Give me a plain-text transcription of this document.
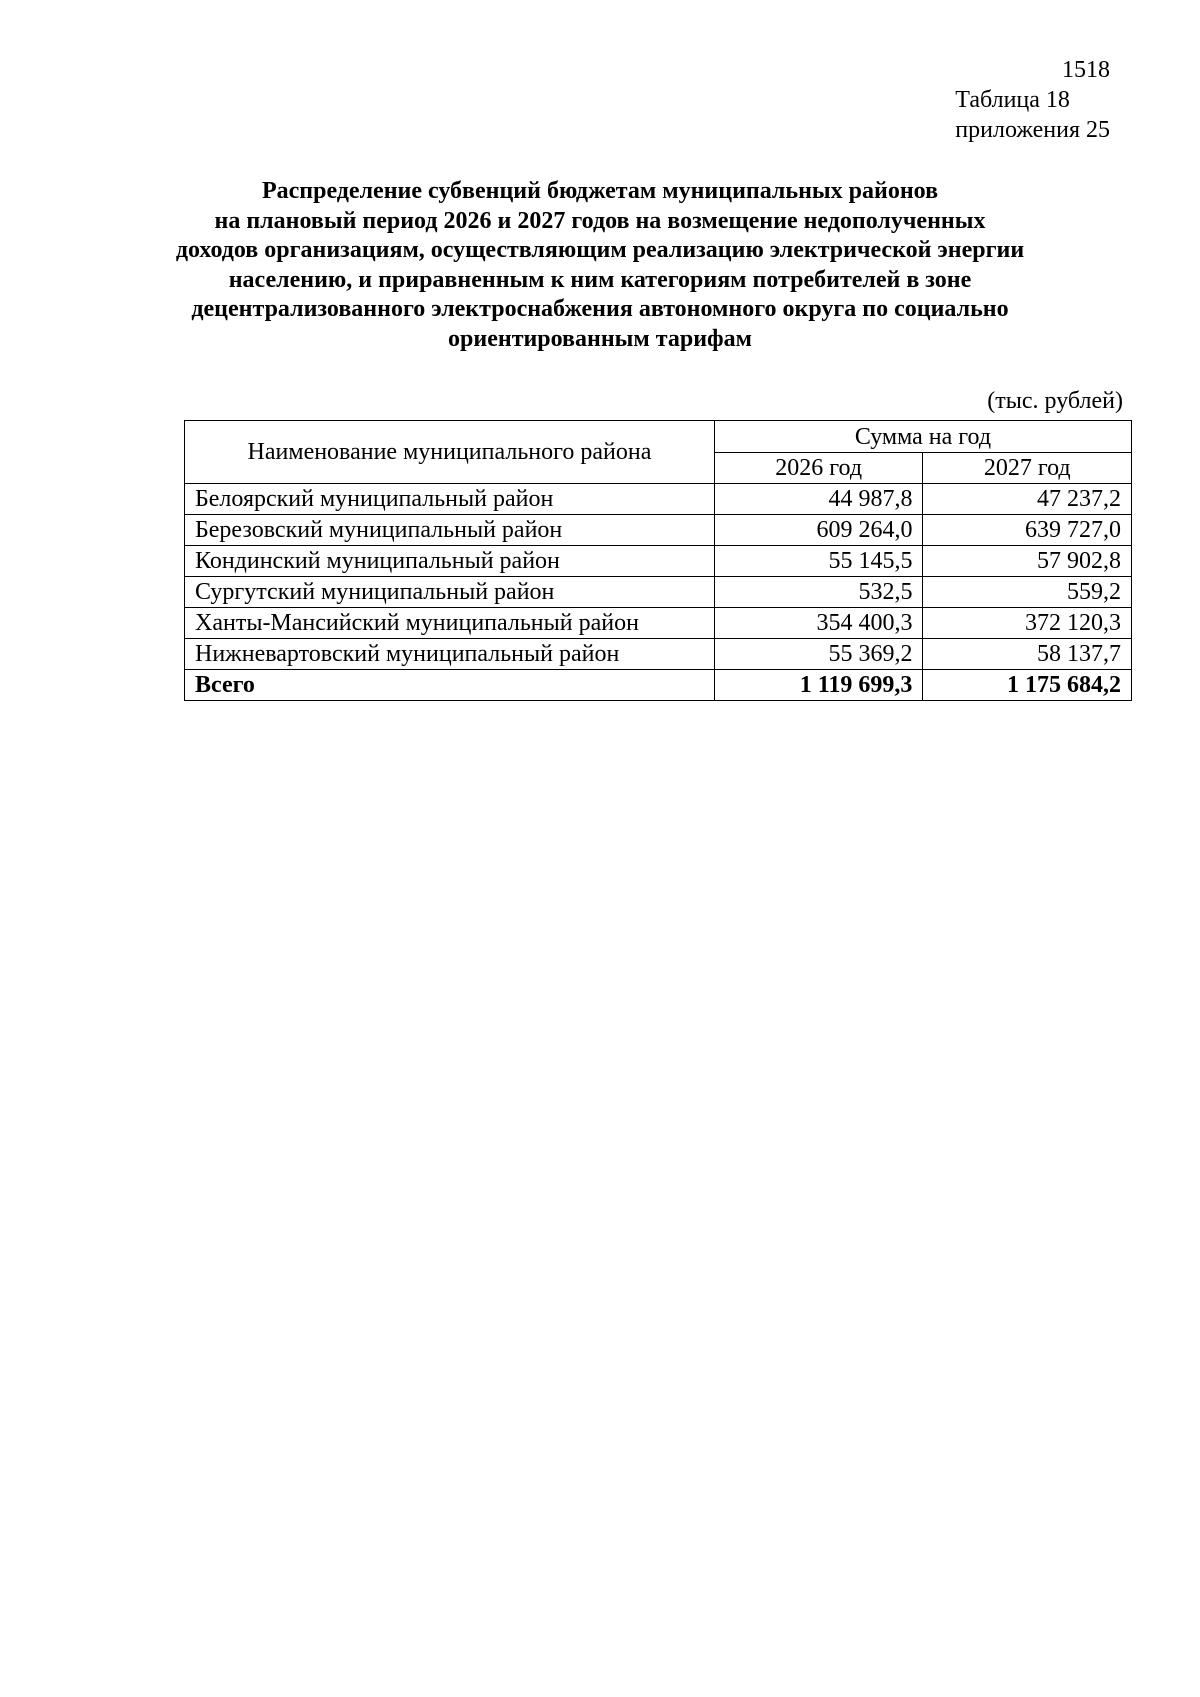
1518
Таблица 18
приложения 25
Распределение субвенций бюджетам муниципальных районов
на плановый период 2026 и 2027 годов на возмещение недополученных
доходов организациям, осуществляющим реализацию электрической энергии
населению, и приравненным к ним категориям потребителей в зоне
децентрализованного электроснабжения автономного округа по социально
ориентированным тарифам
(тыс. рублей)
Наименование муниципального района	Сумма на год	
	2026 год	2027 год
Белоярский муниципальный район	44 987,8	47 237,2
Березовский муниципальный район	609 264,0	639 727,0
Кондинский муниципальный район	55 145,5	57 902,8
Сургутский муниципальный район	532,5	559,2
Ханты-Мансийский муниципальный район	354 400,3	372 120,3
Нижневартовский муниципальный район	55 369,2	58 137,7
Всего	1 119 699,3	1 175 684,2
